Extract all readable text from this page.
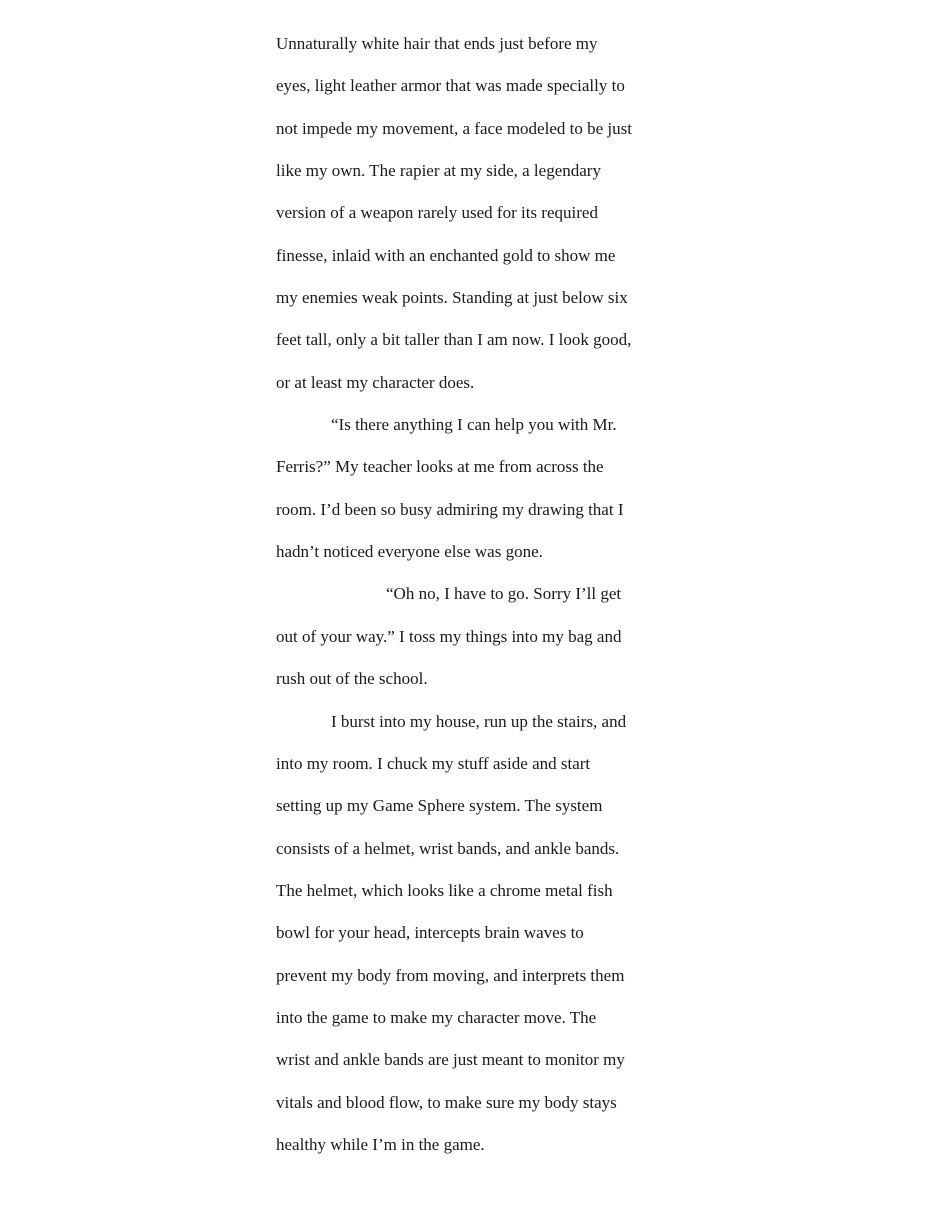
Unnaturally white hair that ends just before my
eyes, light leather armor that was made specially to
not impede my movement, a face modeled to be just
like my own. The rapier at my side, a legendary
version of a weapon rarely used for its required
finesse, inlaid with an enchanted gold to show me
my enemies weak points. Standing at just below six
feet tall, only a bit taller than I am now. I look good,
or at least my character does.
“Is there anything I can help you with Mr.
Ferris?” My teacher looks at me from across the
room. I’d been so busy admiring my drawing that I
hadn’t noticed everyone else was gone.
“Oh no, I have to go. Sorry I’ll get
out of your way.” I toss my things into my bag and
rush out of the school.
I burst into my house, run up the stairs, and
into my room. I chuck my stuff aside and start
setting up my Game Sphere system. The system
consists of a helmet, wrist bands, and ankle bands.
The helmet, which looks like a chrome metal fish
bowl for your head, intercepts brain waves to
prevent my body from moving, and interprets them
into the game to make my character move. The
wrist and ankle bands are just meant to monitor my
vitals and blood flow, to make sure my body stays
healthy while I’m in the game.
